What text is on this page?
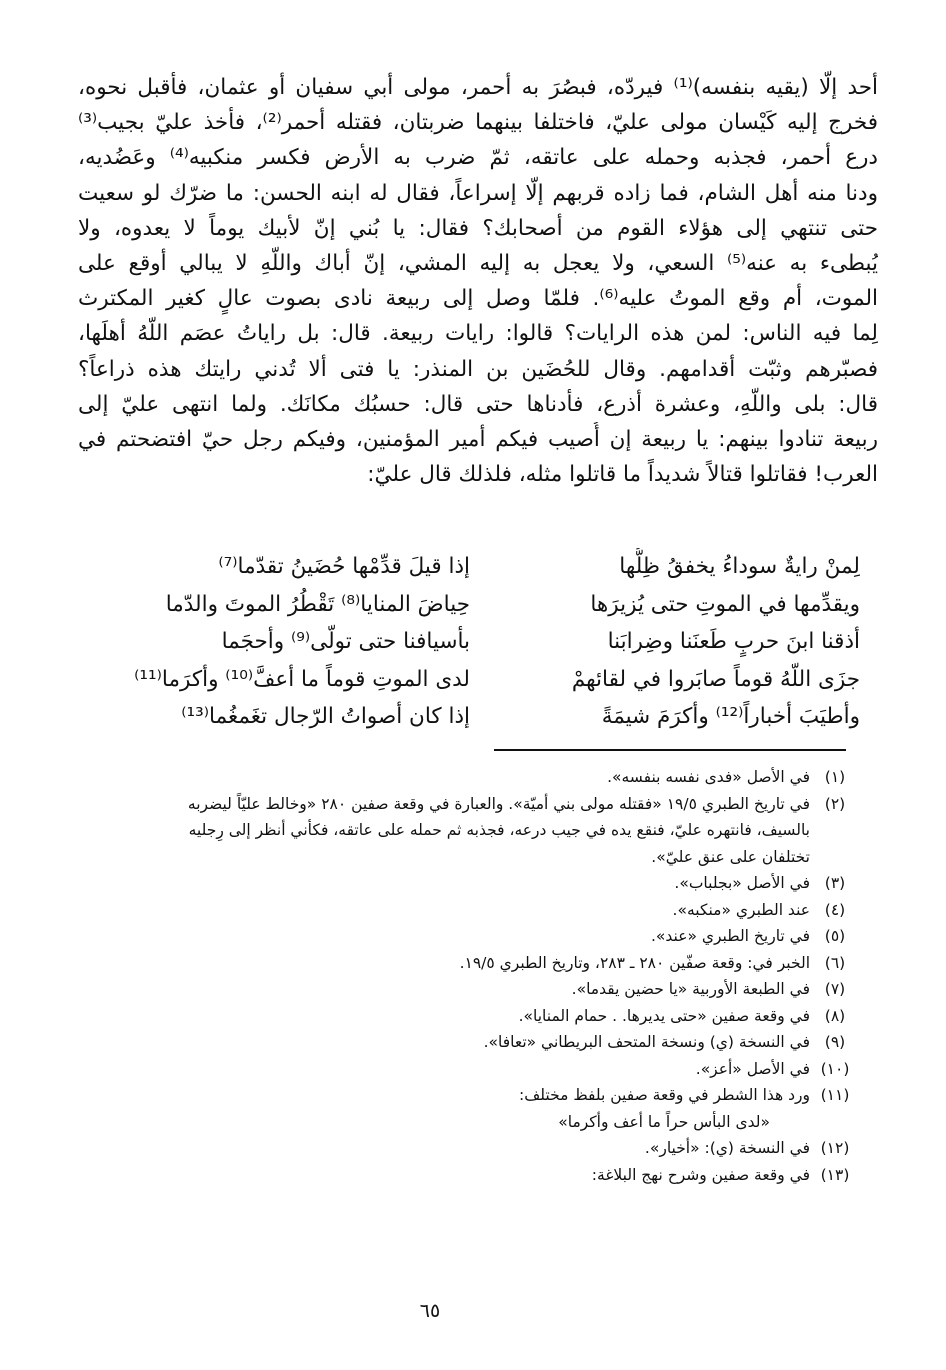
أحد إلّا (يقيه بنفسه)⁽¹⁾ فيردّه، فبصُرَ به أحمر، مولى أبي سفيان أو عثمان، فأقبل نحوه،
فخرج إليه كَيْسان مولى عليّ، فاختلفا بينهما ضربتان، فقتله أحمر⁽²⁾، فأخذ عليّ بجيب⁽³⁾
درع أحمر، فجذبه وحمله على عاتقه، ثمّ ضرب به الأرض فكسر منكبيه⁽⁴⁾ وعَضُديه،
ودنا منه أهل الشام، فما زاده قربهم إلّا إسراعاً، فقال له ابنه الحسن: ما ضرّك لو سعيت
حتى تنتهي إلى هؤلاء القوم من أصحابك؟ فقال: يا بُني إنّ لأبيك يوماً لا يعدوه، ولا
يُبطىء به عنه⁽⁵⁾ السعي، ولا يعجل به إليه المشي، إنّ أباك واللّهِ لا يبالي أوقع على
الموت، أم وقع الموتُ عليه⁽⁶⁾. فلمّا وصل إلى ربيعة نادى بصوت عالٍ كغير المكترث
لِما فيه الناس: لمن هذه الرايات؟ قالوا: رايات ربيعة. قال: بل راياتُ عصَم اللّهُ أهلَها،
فصبّرهم وثبّت أقدامهم. وقال للحُضَين بن المنذر: يا فتى ألا تُدني رايتك هذه ذراعاً؟
قال: بلى واللّهِ، وعشرة أذرع، فأدناها حتى قال: حسبُك مكانَك. ولما انتهى عليّ إلى
ربيعة تنادوا بينهم: يا ربيعة إن أُصيب فيكم أمير المؤمنين، وفيكم رجل حيّ افتضحتم في
العرب! فقاتلوا قتالاً شديداً ما قاتلوا مثله، فلذلك قال عليّ:
لِمنْ رايةٌ سوداءُ يخفقُ ظِلُّها
إذا قيلَ قدِّمْها حُضَينُ تقدّما⁽⁷⁾
ويقدِّمها في الموتِ حتى يُزيرَها
حِياضَ المنايا⁽⁸⁾ تَقْطُرُ الموتَ والدّما
أذقنا ابنَ حربٍ طَعنَنا وضِرابَنا
بأسيافنا حتى تولّى⁽⁹⁾ وأحجَما
جزَى اللّهُ قوماً صابَروا في لقائهمْ
لدى الموتِ قوماً ما أعفَّ⁽¹⁰⁾ وأكرَما⁽¹¹⁾
وأطيَبَ أخباراً⁽¹²⁾ وأكرَمَ شيمَةً
إذا كان أصواتُ الرّجال تغَمغُما⁽¹³⁾
(١)
في الأصل «فدى نفسه بنفسه».
(٢)
في تاريخ الطبري ١٩/٥ «فقتله مولى بني أميّة». والعبارة في وقعة صفين ٢٨٠ «وخالط عليّاً ليضربه
بالسيف، فانتهره عليّ، فنقع يده في جيب درعه، فجذبه ثم حمله على عاتقه، فكأني أنظر إلى رِجليه
تختلفان على عنق عليّ».
(٣)
في الأصل «بجلباب».
(٤)
عند الطبري «منكبه».
(٥)
في تاريخ الطبري «عند».
(٦)
الخبر في: وقعة صفّين ٢٨٠ ـ ٢٨٣، وتاريخ الطبري ١٩/٥.
(٧)
في الطبعة الأوربية «يا حضين يقدما».
(٨)
في وقعة صفين «حتى يديرها. . حمام المنايا».
(٩)
في النسخة (ي) ونسخة المتحف البريطاني «تعافا».
(١٠)
في الأصل «أعز».
(١١)
ورد هذا الشطر في وقعة صفين بلفظ مختلف:
«لدى البأس حراً ما أعف وأكرما»
(١٢)
في النسخة (ي): «أخيار».
(١٣)
في وقعة صفين وشرح نهج البلاغة:
٦٥
